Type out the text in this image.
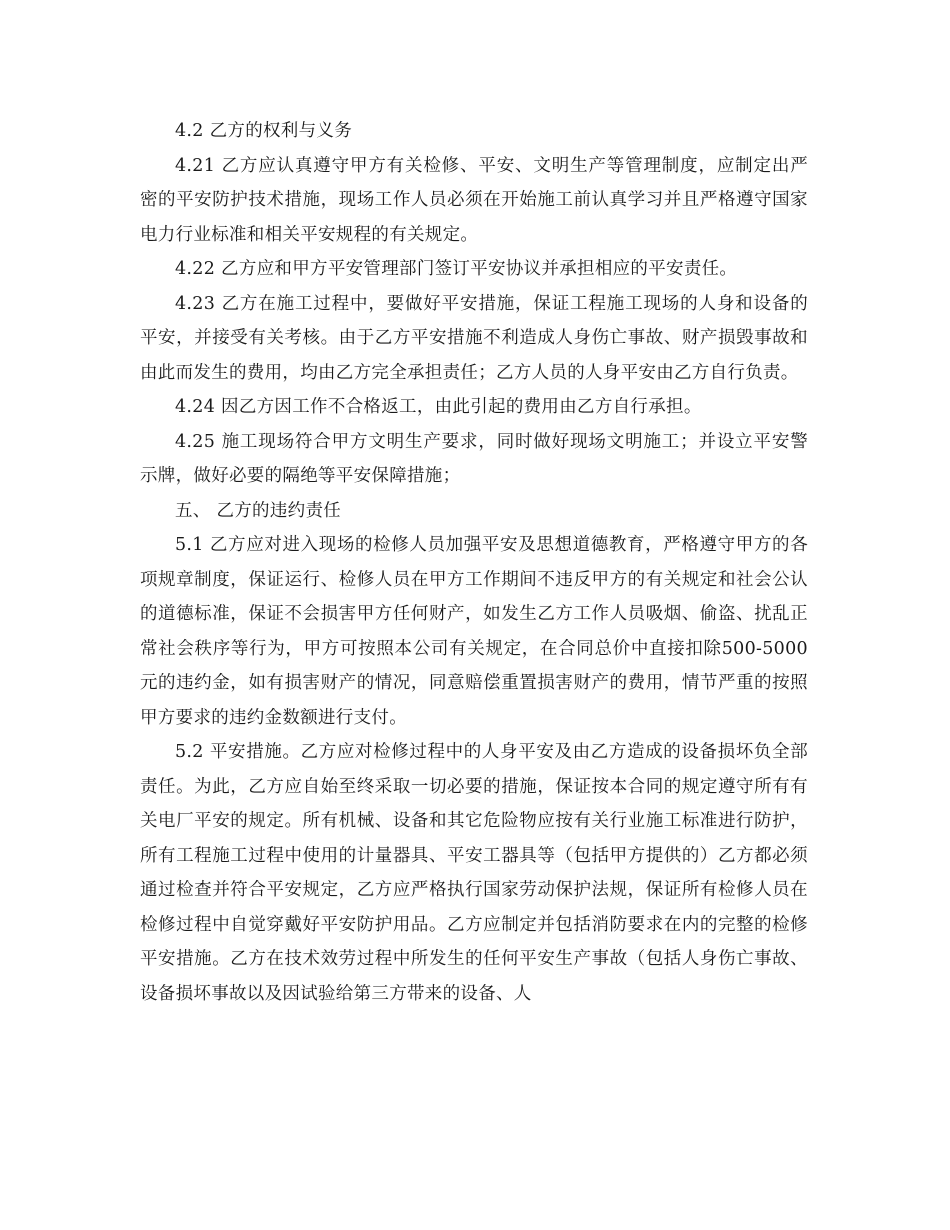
4.2 乙方的权利与义务

4.21 乙方应认真遵守甲方有关检修、平安、文明生产等管理制度，应制定出严密的平安防护技术措施，现场工作人员必须在开始施工前认真学习并且严格遵守国家电力行业标准和相关平安规程的有关规定。

4.22 乙方应和甲方平安管理部门签订平安协议并承担相应的平安责任。

4.23 乙方在施工过程中，要做好平安措施，保证工程施工现场的人身和设备的平安，并接受有关考核。由于乙方平安措施不利造成人身伤亡事故、财产损毁事故和由此而发生的费用，均由乙方完全承担责任；乙方人员的人身平安由乙方自行负责。

4.24 因乙方因工作不合格返工，由此引起的费用由乙方自行承担。

4.25 施工现场符合甲方文明生产要求，同时做好现场文明施工；并设立平安警示牌，做好必要的隔绝等平安保障措施；

五、 乙方的违约责任

5.1 乙方应对进入现场的检修人员加强平安及思想道德教育，严格遵守甲方的各项规章制度，保证运行、检修人员在甲方工作期间不违反甲方的有关规定和社会公认的道德标准，保证不会损害甲方任何财产，如发生乙方工作人员吸烟、偷盗、扰乱正常社会秩序等行为，甲方可按照本公司有关规定，在合同总价中直接扣除500-5000元的违约金，如有损害财产的情况，同意赔偿重置损害财产的费用，情节严重的按照甲方要求的违约金数额进行支付。

5.2 平安措施。乙方应对检修过程中的人身平安及由乙方造成的设备损坏负全部责任。为此，乙方应自始至终采取一切必要的措施，保证按本合同的规定遵守所有有关电厂平安的规定。所有机械、设备和其它危险物应按有关行业施工标准进行防护，所有工程施工过程中使用的计量器具、平安工器具等（包括甲方提供的）乙方都必须通过检查并符合平安规定，乙方应严格执行国家劳动保护法规，保证所有检修人员在检修过程中自觉穿戴好平安防护用品。乙方应制定并包括消防要求在内的完整的检修平安措施。乙方在技术效劳过程中所发生的任何平安生产事故（包括人身伤亡事故、设备损坏事故以及因试验给第三方带来的设备、人
